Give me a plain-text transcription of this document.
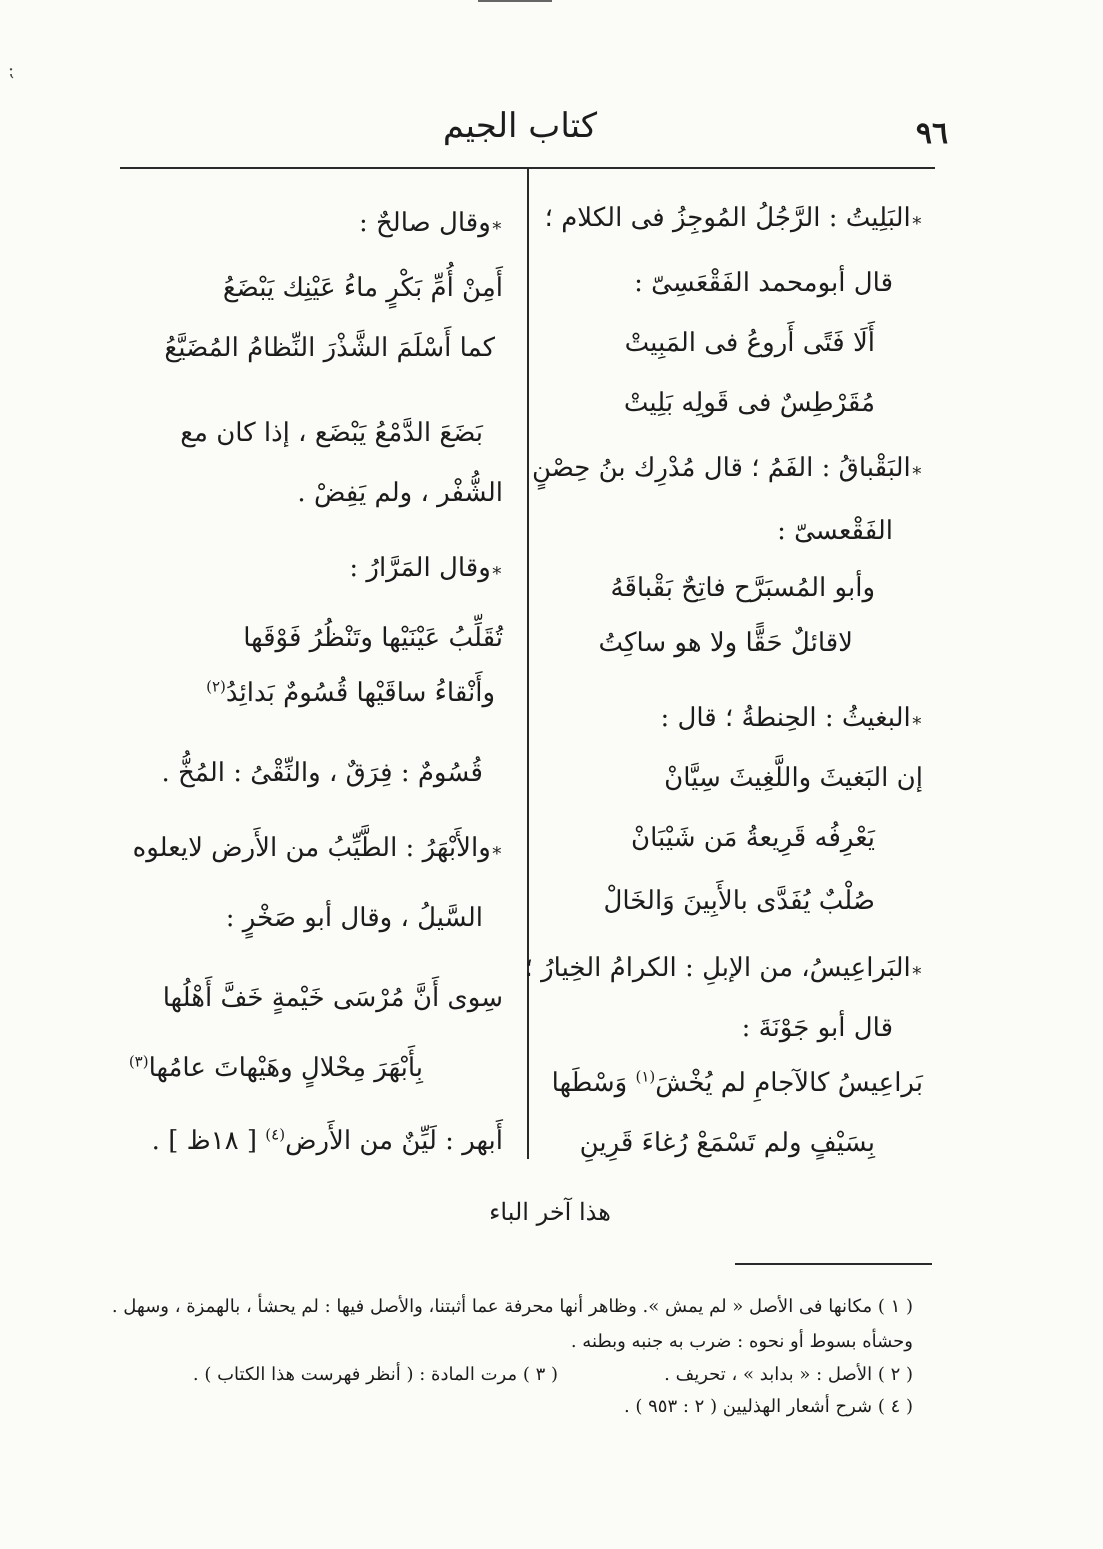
⁏
٩٦
كتاب الجيم
∗ البَلِيتُ : الرَّجُلُ المُوجِزُ فى الكلام ؛
قال أبومحمد الفَقْعَسِىّ :
أَلَا فَتًى أَروعُ فى المَبِيتْ
مُقَرْطِسٌ فى قَولِه بَلِيتْ
∗ البَقْباقُ : الفَمُ ؛ قال مُدْرِك بنُ حِصْنٍ
الفَقْعسىّ :
وأبو المُسبَرَّح فاتِحٌ بَقْباقَهُ
لاقائلٌ حَقًّا ولا هو ساكِتُ
∗ البغيثُ : الحِنطةُ ؛ قال :
إن البَغيثَ واللَّغِيثَ سِيَّانْ
يَعْرِفُه قَرِيعةُ مَن شَيْبَانْ
صُلْبٌ يُفَدَّى بالأَبِينَ وَالخَالْ
∗ البَراعِيسُ، من الإبلِ : الكرامُ الخِيارُ ؛
قال أبو جَوْنَةَ :
بَراعِيسُ كالآجامِ لم يُخْشَ$^{(١)}$ وَسْطَها
بِسَيْفٍ ولم تَسْمَعْ رُغاءَ قَرِينِ
∗ وقال صالحٌ :
أَمِنْ أُمِّ بَكْرٍ ماءُ عَيْنِك يَبْضَعُ
كما أَسْلَمَ الشَّذْرَ النِّظامُ المُضَيَّعُ
بَضَعَ الدَّمْعُ يَبْضَع ، إذا كان مع
الشُّفْر ، ولم يَفِضْ .
∗ وقال المَرَّارُ :
تُقَلِّبُ عَيْنَيْها وتَنْظُرُ فَوْقَها
وأَنْقاءُ ساقَيْها قُسُومٌ بَدائِدُ$^{(٢)}$
قُسُومٌ : فِرَقٌ ، والنِّقْىُ : المُخُّ .
∗ والأَبْهَرُ : الطَّيِّبُ من الأَرض لايعلوه
السَّيلُ ، وقال أبو صَخْرٍ :
سِوى أَنَّ مُرْسَى خَيْمةٍ خَفَّ أَهْلُها
بِأَبْهَرَ مِحْلالٍ وهَيْهاتَ عامُها$^{(٣)}$
أَبهر : لَيِّنٌ من الأَرض$^{(٤)}$ [ ١٨ظ ] .
هذا آخر الباء
( ١ ) مكانها فى الأصل « لم يمش ». وظاهر أنها محرفة عما أثبتنا، والأصل فيها : لم يحشأ ، بالهمزة ، وسهل .
وحشأه بسوط أو نحوه : ضرب به جنبه وبطنه .
( ٢ ) الأصل : « بدابد » ، تحريف .
( ٣ ) مرت المادة : ( أنظر فهرست هذا الكتاب ) .
( ٤ ) شرح أشعار الهذليين ( ٢ : ٩٥٣ ) .
